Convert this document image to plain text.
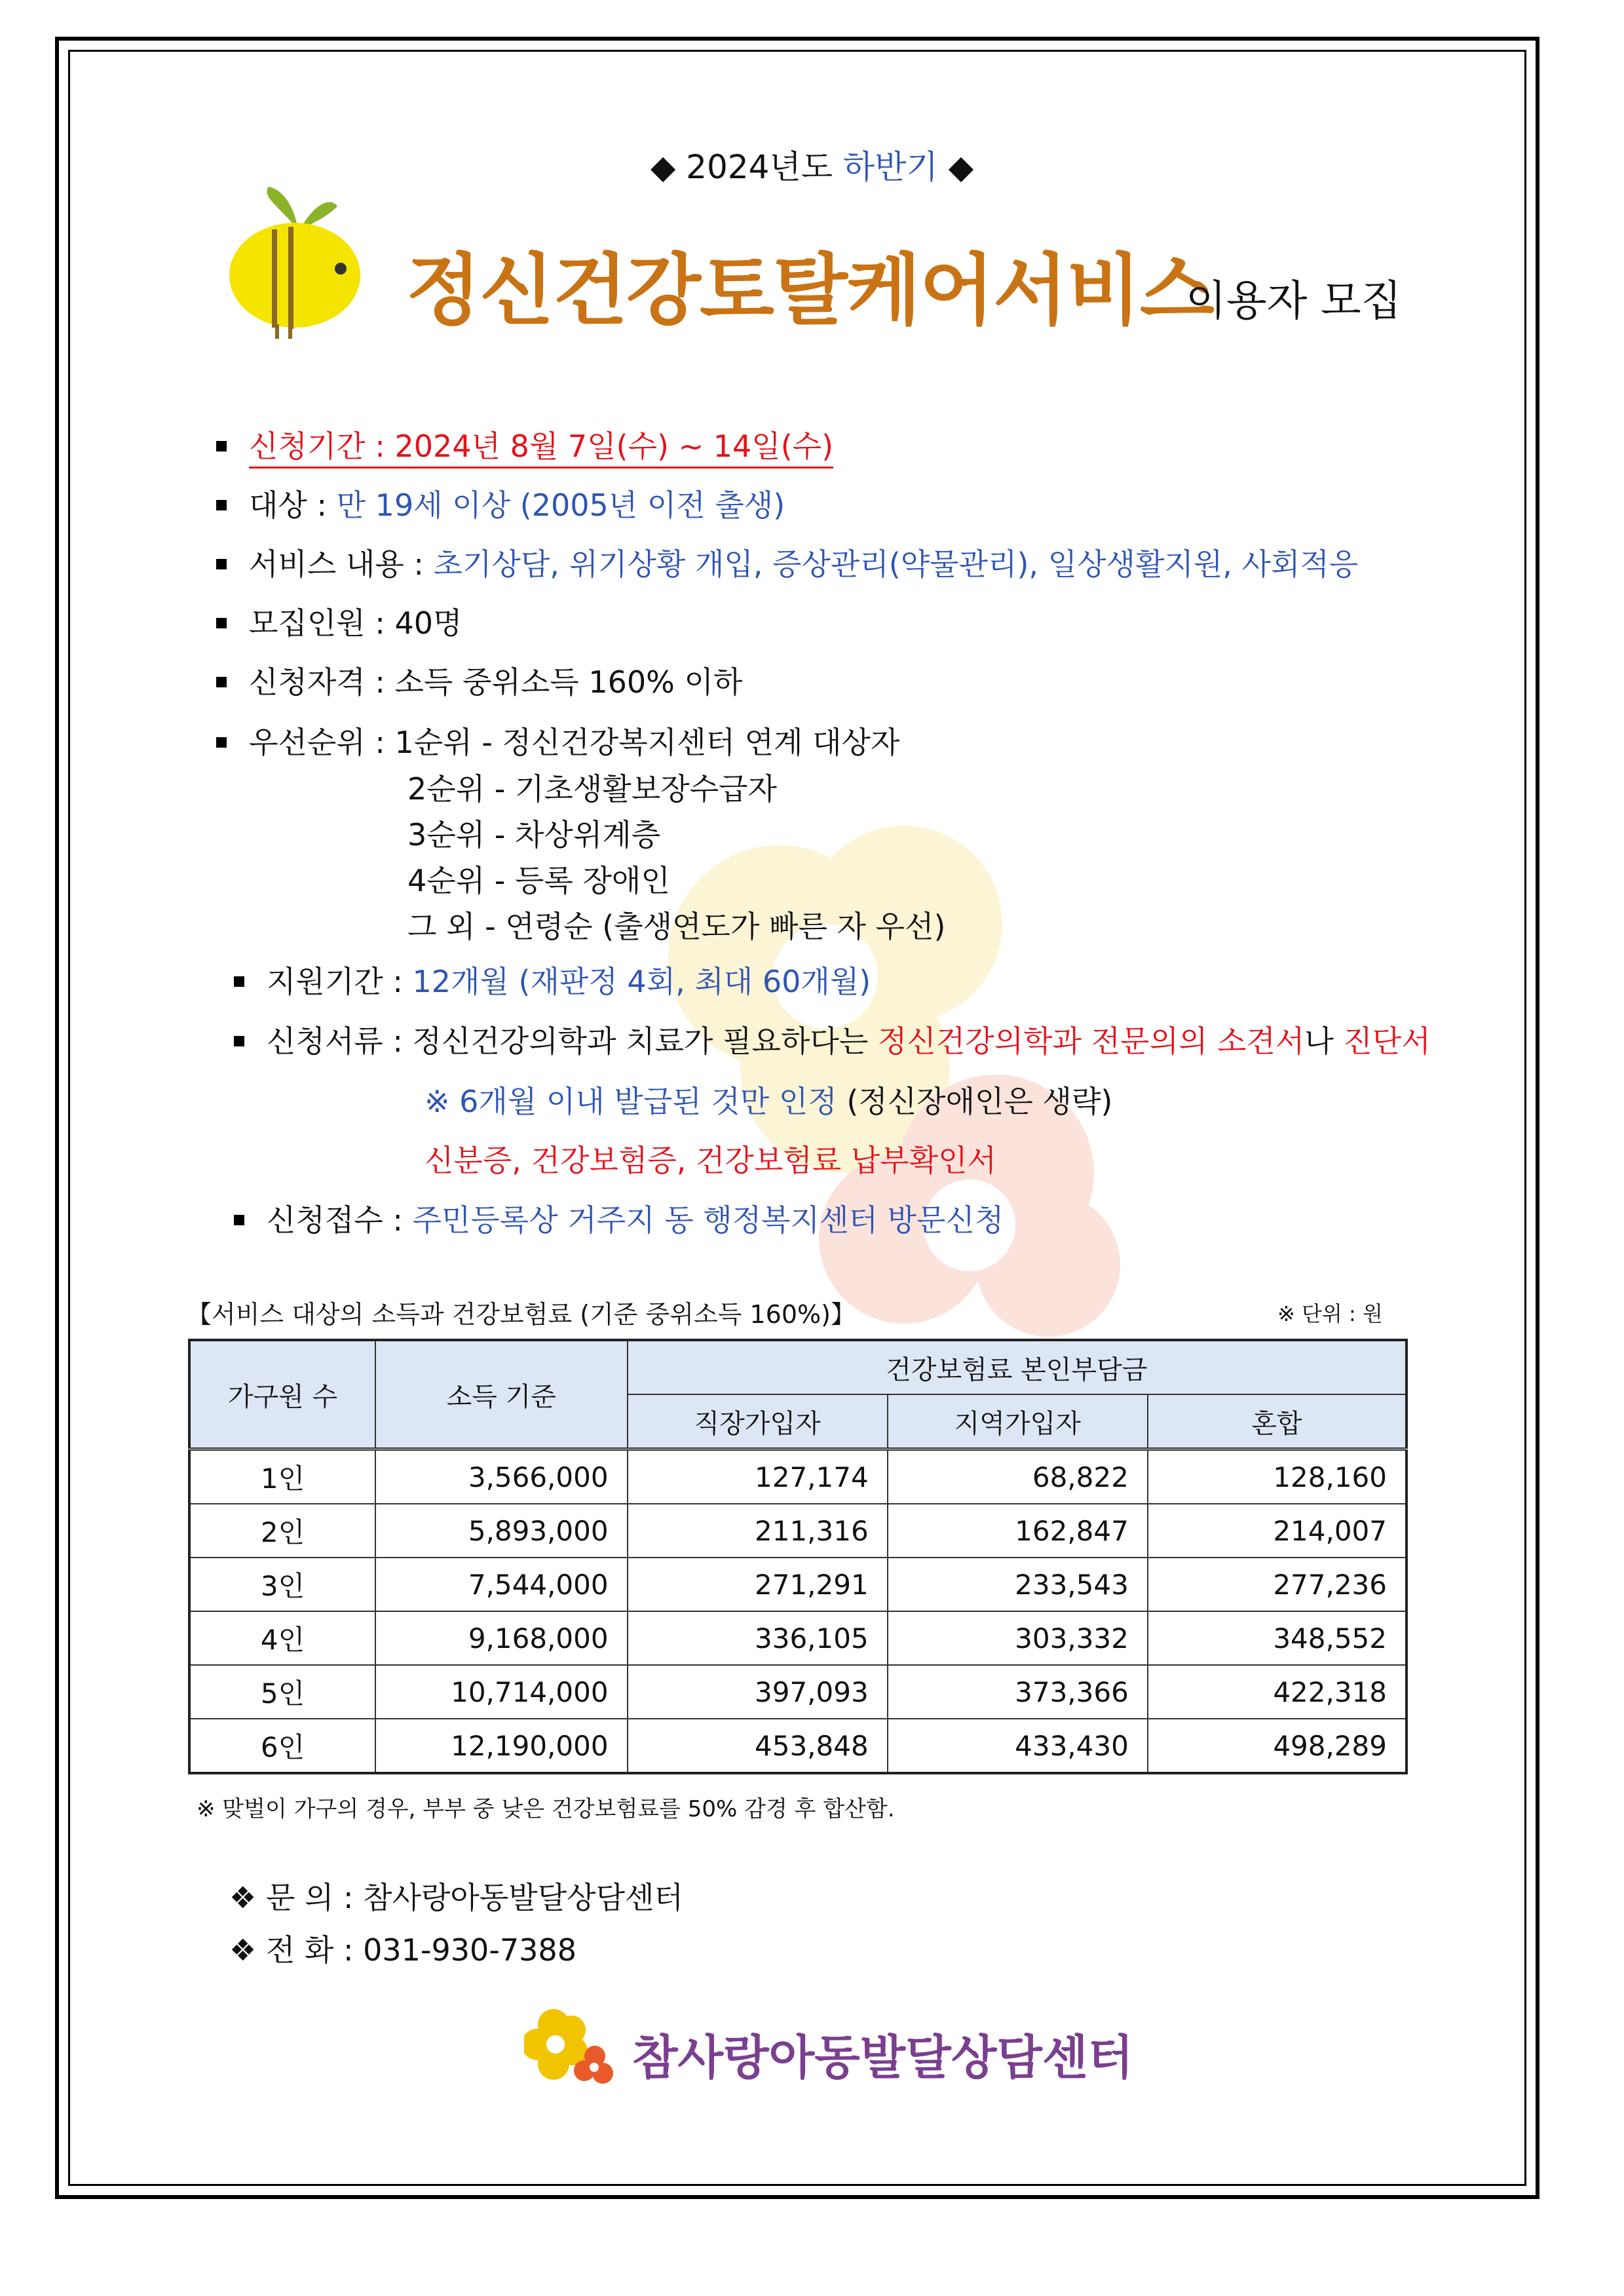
◆ 2024년도 하반기 ◆
정신건강토탈케어서비스
이용자 모집
신청기간 : 2024년 8월 7일(수) ~ 14일(수)
대상 : 만 19세 이상 (2005년 이전 출생)
서비스 내용 : 초기상담, 위기상황 개입, 증상관리(약물관리), 일상생활지원, 사회적응
모집인원 : 40명
신청자격 : 소득 중위소득 160% 이하
우선순위 : 1순위 - 정신건강복지센터 연계 대상자
2순위 - 기초생활보장수급자
3순위 - 차상위계층
4순위 - 등록 장애인
그 외 - 연령순 (출생연도가 빠른 자 우선)
지원기간 : 12개월 (재판정 4회, 최대 60개월)
신청서류 : 정신건강의학과 치료가 필요하다는 정신건강의학과 전문의의 소견서나 진단서
※ 6개월 이내 발급된 것만 인정 (정신장애인은 생략)
신분증, 건강보험증, 건강보험료 납부확인서
신청접수 : 주민등록상 거주지 동 행정복지센터 방문신청
【서비스 대상의 소득과 건강보험료 (기준 중위소득 160%)】	※ 단위 : 원
가구원 수	소득 기준	건강보험료 본인부담금		
		직장가입자	지역가입자	혼합
1인	3,566,000	127,174	68,822	128,160
2인	5,893,000	211,316	162,847	214,007
3인	7,544,000	271,291	233,543	277,236
4인	9,168,000	336,105	303,332	348,552
5인	10,714,000	397,093	373,366	422,318
6인	12,190,000	453,848	433,430	498,289
※ 맞벌이 가구의 경우, 부부 중 낮은 건강보험료를 50% 감경 후 합산함.
❖ 문 의 : 참사랑아동발달상담센터
❖ 전 화 : 031-930-7388
참사랑아동발달상담센터
